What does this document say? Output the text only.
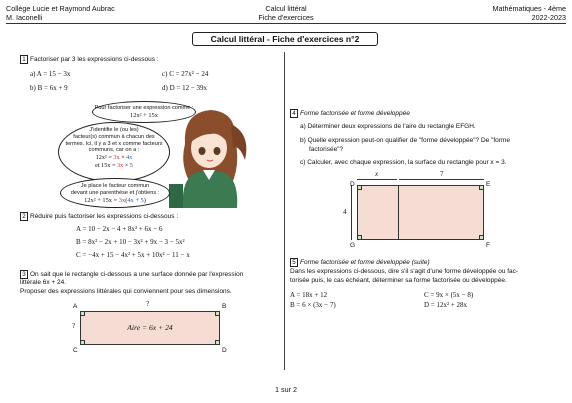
Collège Lucie et Raymond Aubrac
M. Iaconelli
Calcul littéral
Fiche d'exercices
Mathématiques - 4ème
2022-2023
Calcul littéral - Fiche d'exercices n°2
1 Factoriser par 3 les expressions ci-dessous :
a) A = 15 − 3x	c) C = 27x² − 24
b) B = 6x + 9	d) D = 12 − 39x
Pour factoriser une expression comme :
12x² + 15x
J'identifie le (ou les)
facteur(s) commun à chacun des
termes. Ici, il y a 3 et x comme facteurs
communs, car on a :
12x² = 3x × 4x
et 15x = 3x × 5
Je place le facteur commun
devant une parenthèse et j'obtiens :
12x² + 15x = 3x(4x + 5)
2 Réduire puis factoriser les expressions ci-dessous :
A = 10 − 2x − 4 + 8x² + 6x − 6
B = 8x² − 2x + 10 − 3x² + 9x − 3 − 5x²
C = −4x + 15 − 4x² + 5x + 10x² − 11 − x
3 On sait que le rectangle ci-dessous a une surface donnée par l'expression
littérale 6x + 24.
Proposer des expressions littérales qui conviennent pour ses dimensions.
Aire = 6x + 24
?
?
A	B
C	D
4 Forme factorisée et forme développée
a) Déterminer deux expressions de l'aire du rectangle EFGH.
b) Quelle expression peut-on qualifier de "forme développée"? De "forme
factorisée"?
c) Calculer, avec chaque expression, la surface du rectangle pour x = 3.
x	7
4
D	E
G	F
5 Forme factorisée et forme développée (suite)
Dans les expressions ci-dessous, dire s'il s'agit d'une forme développée ou fac-
torisée puis, le cas échéant, déterminer sa forme factorisée ou développée.
A = 18x + 12	C = 9x × (5x − 8)
B = 6 × (3x − 7)	D = 12x² + 28x
1 sur 2
